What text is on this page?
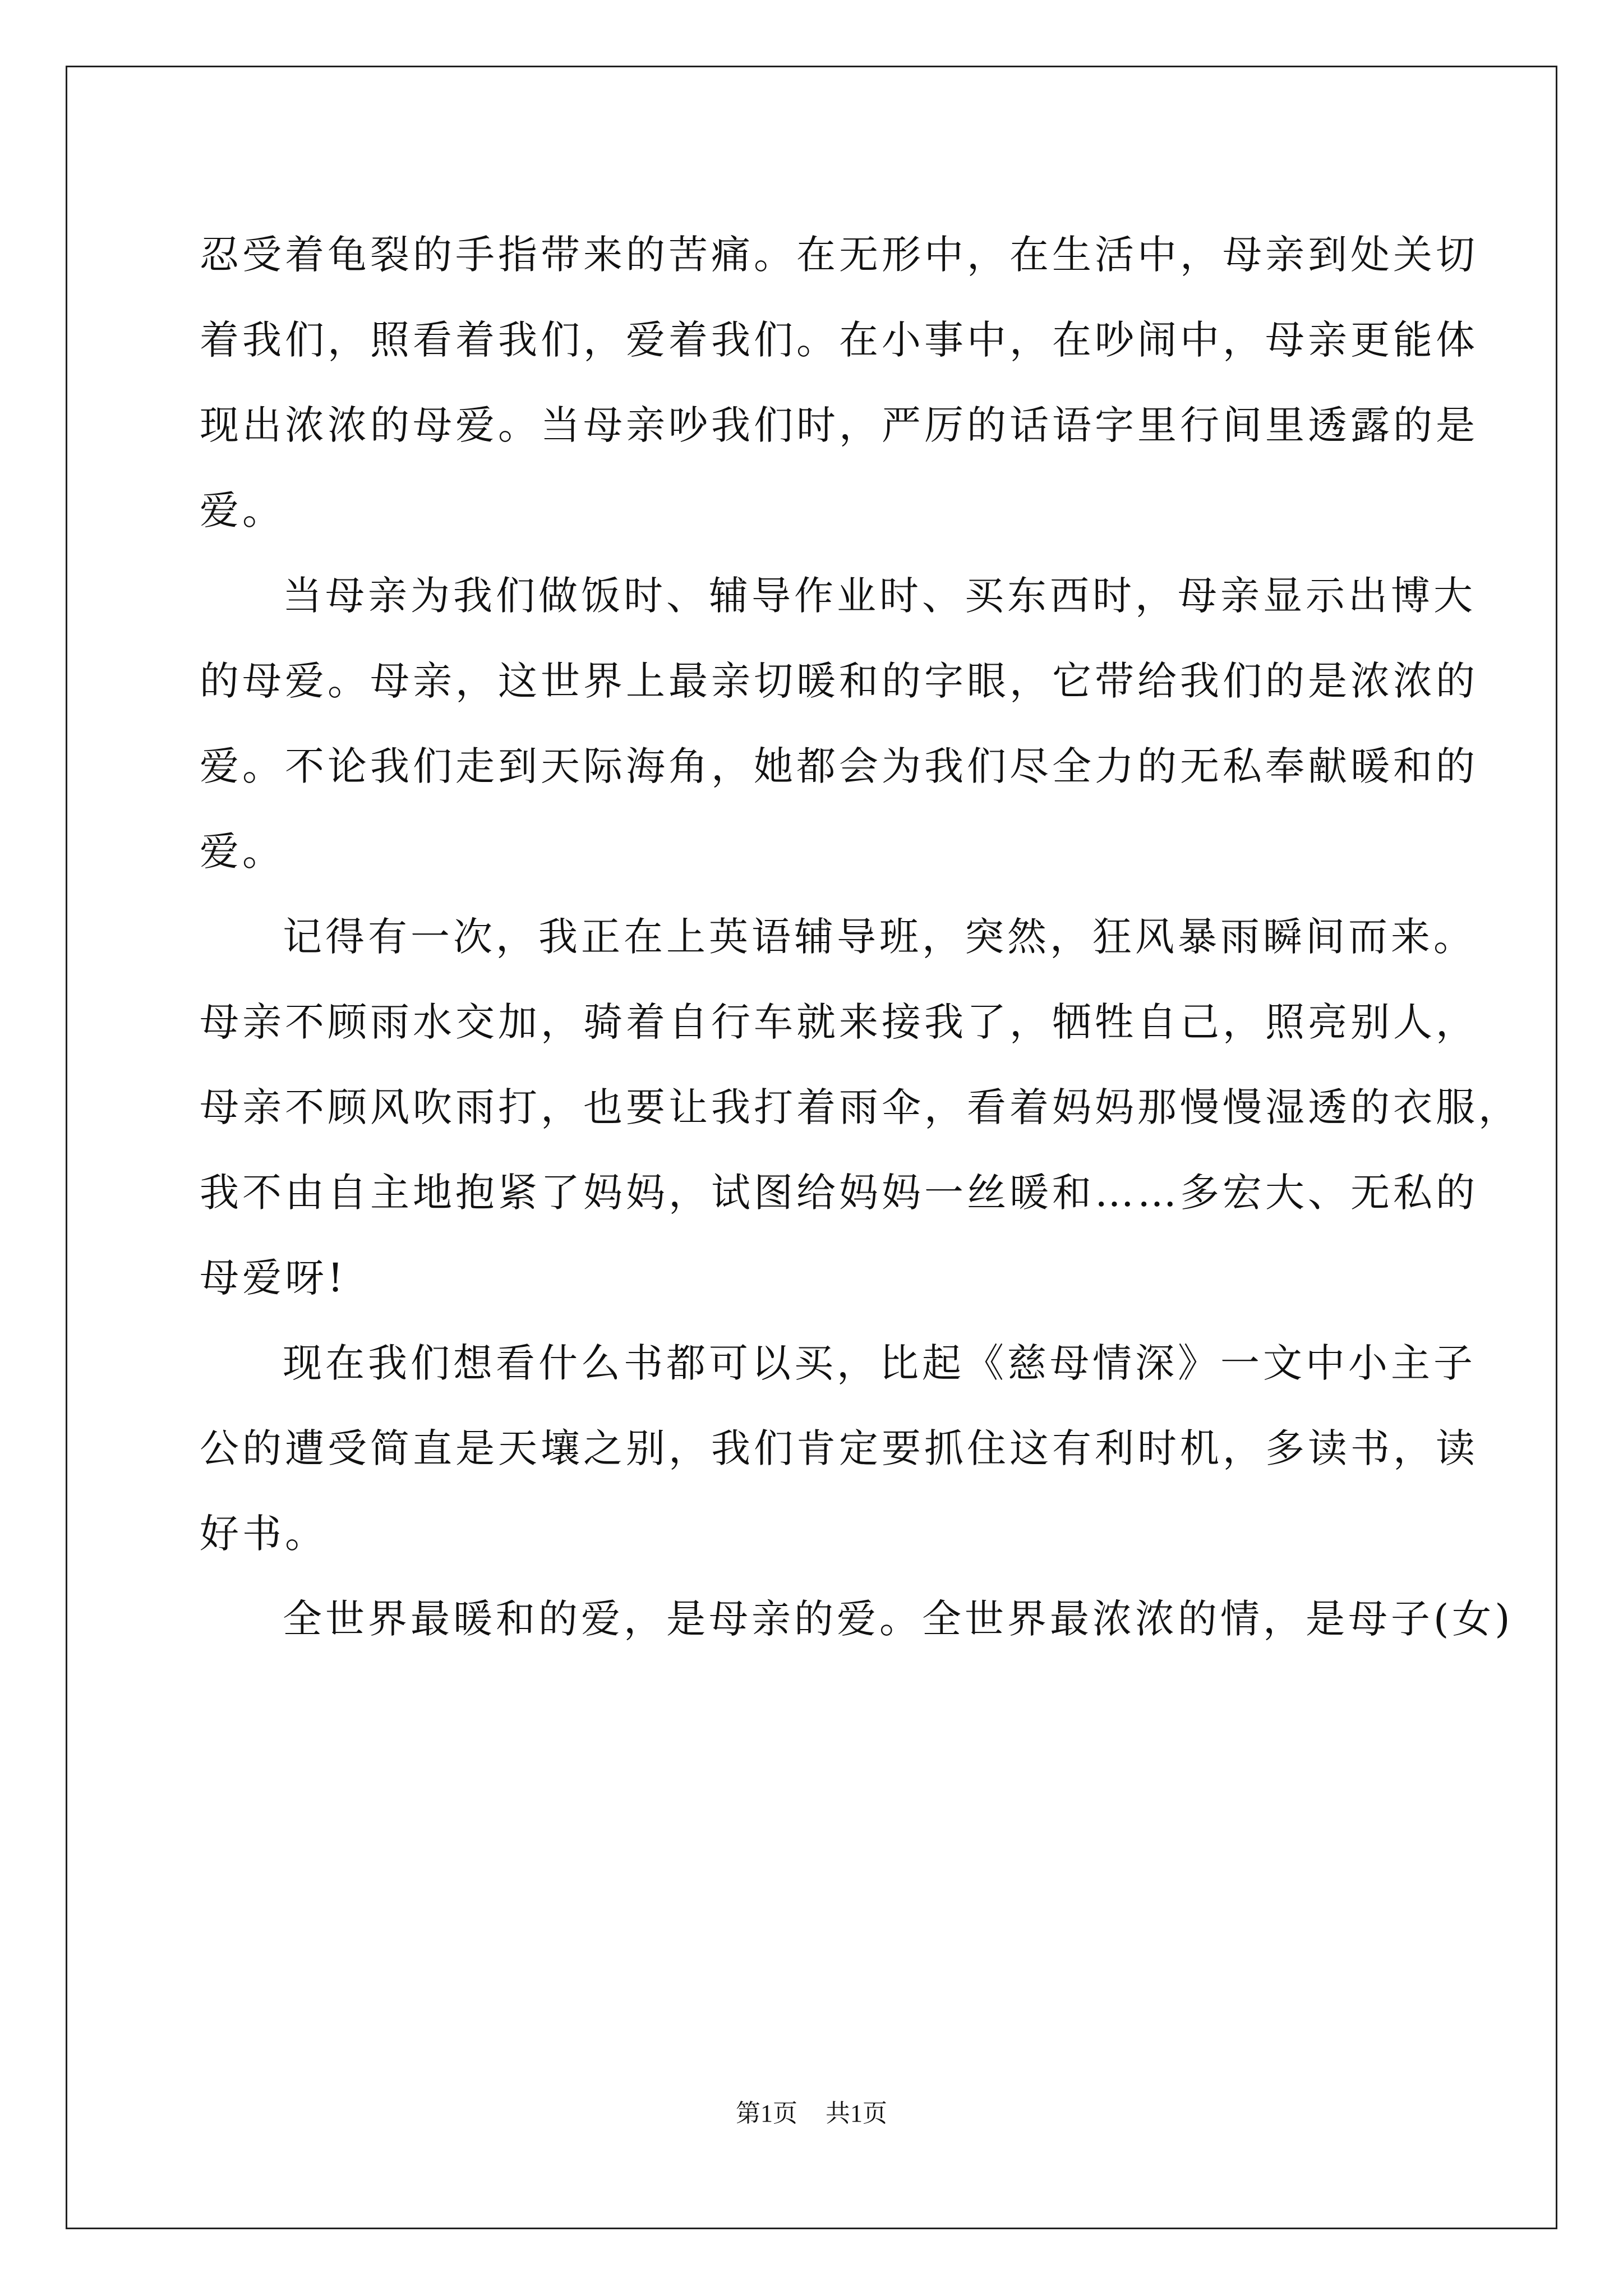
忍受着龟裂的手指带来的苦痛。在无形中，在生活中，母亲到处关切
着我们，照看着我们，爱着我们。在小事中，在吵闹中，母亲更能体
现出浓浓的母爱。当母亲吵我们时，严厉的话语字里行间里透露的是
爱。
当母亲为我们做饭时、辅导作业时、买东西时，母亲显示出博大
的母爱。母亲，这世界上最亲切暖和的字眼，它带给我们的是浓浓的
爱。不论我们走到天际海角，她都会为我们尽全力的无私奉献暖和的
爱。
记得有一次，我正在上英语辅导班，突然，狂风暴雨瞬间而来。
母亲不顾雨水交加，骑着自行车就来接我了，牺牲自己，照亮别人，
母亲不顾风吹雨打，也要让我打着雨伞，看着妈妈那慢慢湿透的衣服，
我不由自主地抱紧了妈妈，试图给妈妈一丝暖和……多宏大、无私的
母爱呀!
现在我们想看什么书都可以买，比起《慈母情深》一文中小主子
公的遭受简直是天壤之别，我们肯定要抓住这有利时机，多读书，读
好书。
全世界最暖和的爱，是母亲的爱。全世界最浓浓的情，是母子(女)
第1页 共1页
